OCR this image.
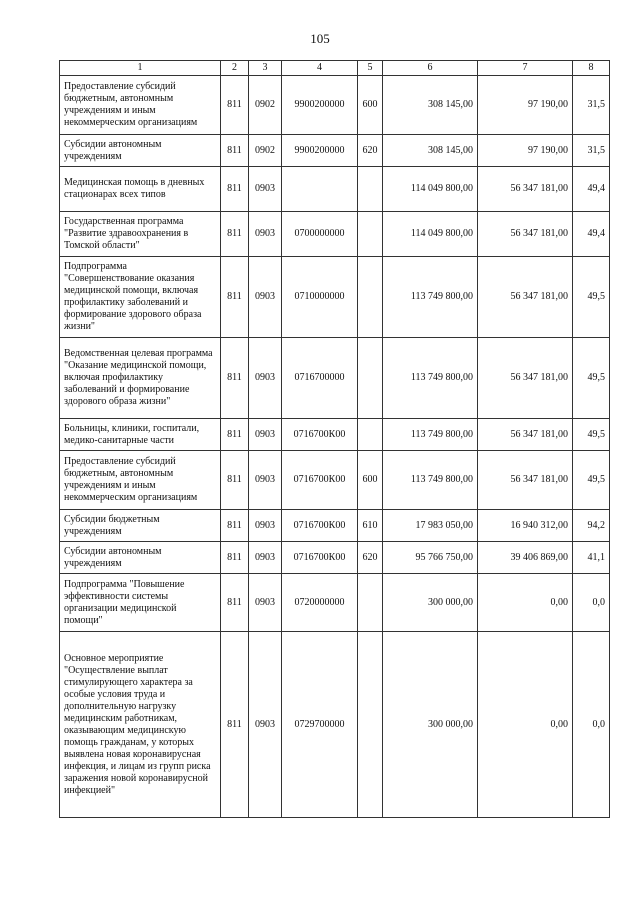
105
1	2	3	4	5	6	7	8
Предоставление субсидий бюджетным, автономным учреждениям и иным некоммерческим организациям	811	0902	9900200000	600	308 145,00	97 190,00	31,5
Субсидии автономным учреждениям	811	0902	9900200000	620	308 145,00	97 190,00	31,5
Медицинская помощь в дневных стационарах всех типов	811	0903			114 049 800,00	56 347 181,00	49,4
Государственная программа "Развитие здравоохранения в Томской области"	811	0903	0700000000		114 049 800,00	56 347 181,00	49,4
Подпрограмма "Совершенствование оказания медицинской помощи, включая профилактику заболеваний и формирование здорового образа жизни"	811	0903	0710000000		113 749 800,00	56 347 181,00	49,5
Ведомственная целевая программа "Оказание медицинской помощи, включая профилактику заболеваний и формирование здорового образа жизни"	811	0903	0716700000		113 749 800,00	56 347 181,00	49,5
Больницы, клиники, госпитали, медико-санитарные части	811	0903	0716700К00		113 749 800,00	56 347 181,00	49,5
Предоставление субсидий бюджетным, автономным учреждениям и иным некоммерческим организациям	811	0903	0716700К00	600	113 749 800,00	56 347 181,00	49,5
Субсидии бюджетным учреждениям	811	0903	0716700К00	610	17 983 050,00	16 940 312,00	94,2
Субсидии автономным учреждениям	811	0903	0716700К00	620	95 766 750,00	39 406 869,00	41,1
Подпрограмма "Повышение эффективности системы организации медицинской помощи"	811	0903	0720000000		300 000,00	0,00	0,0
Основное мероприятие "Осуществление выплат стимулирующего характера за особые условия труда и дополнительную нагрузку медицинским работникам, оказывающим медицинскую помощь гражданам, у которых выявлена новая коронавирусная инфекция, и лицам из групп риска заражения новой коронавирусной инфекцией"	811	0903	0729700000		300 000,00	0,00	0,0
